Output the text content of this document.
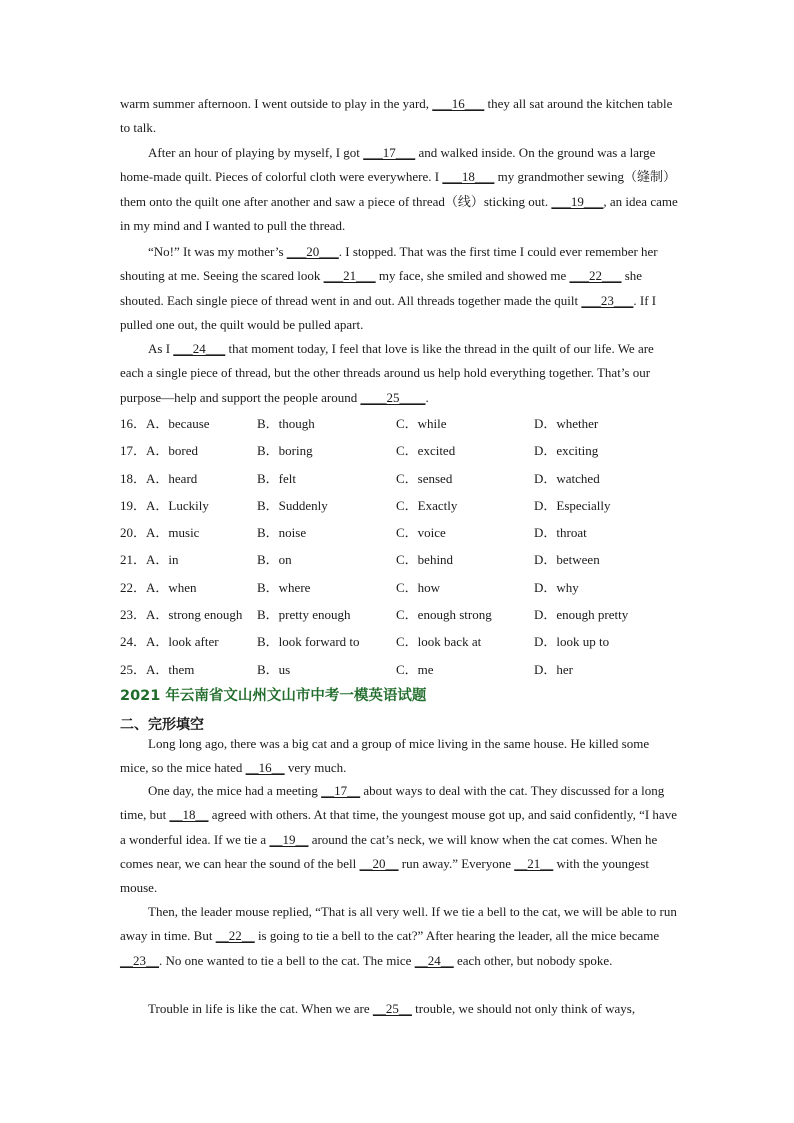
warm summer afternoon. I went outside to play in the yard, ___16___ they all sat around the kitchen table to talk.

After an hour of playing by myself, I got ___17___ and walked inside. On the ground was a large home-made quilt. Pieces of colorful cloth were everywhere. I ___18___ my grandmother sewing（缝制）them onto the quilt one after another and saw a piece of thread（线）sticking out. ___19___, an idea came in my mind and I wanted to pull the thread.

“No!” It was my mother’s ___20___. I stopped. That was the first time I could ever remember her shouting at me. Seeing the scared look ___21___ my face, she smiled and showed me ___22___ she shouted. Each single piece of thread went in and out. All threads together made the quilt ___23___. If I pulled one out, the quilt would be pulled apart.

As I ___24___ that moment today, I feel that love is like the thread in the quilt of our life. We are each a single piece of thread, but the other threads around us help hold everything together. That’s our purpose—help and support the people around ____25____.

16．A．because	B．though	C．while	D．whether
17．A．bored	B．boring	C．excited	D．exciting
18．A．heard	B．felt	C．sensed	D．watched
19．A．Luckily	B．Suddenly	C．Exactly	D．Especially
20．A．music	B．noise	C．voice	D．throat
21．A．in	B．on	C．behind	D．between
22．A．when	B．where	C．how	D．why
23．A．strong enough B．pretty enough	C．enough strong	D．enough pretty
24．A．look after	B．look forward to	C．look back at	D．look up to
25．A．them	B．us	C．me	D．her
2021 年云南省文山州文山市中考一模英语试题
二、完形填空

Long long ago, there was a big cat and a group of mice living in the same house. He killed some mice, so the mice hated __16__ very much.

One day, the mice had a meeting __17__ about ways to deal with the cat. They discussed for a long time, but __18__ agreed with others. At that time, the youngest mouse got up, and said confidently, “I have a wonderful idea. If we tie a __19__ around the cat’s neck, we will know when the cat comes. When he comes near, we can hear the sound of the bell __20__ run away.” Everyone __21__ with the youngest mouse.

Then, the leader mouse replied, “That is all very well. If we tie a bell to the cat, we will be able to run away in time. But __22__ is going to tie a bell to the cat?” After hearing the leader, all the mice became __23__. No one wanted to tie a bell to the cat. The mice __24__ each other, but nobody spoke.

Trouble in life is like the cat. When we are __25__ trouble, we should not only think of ways,
